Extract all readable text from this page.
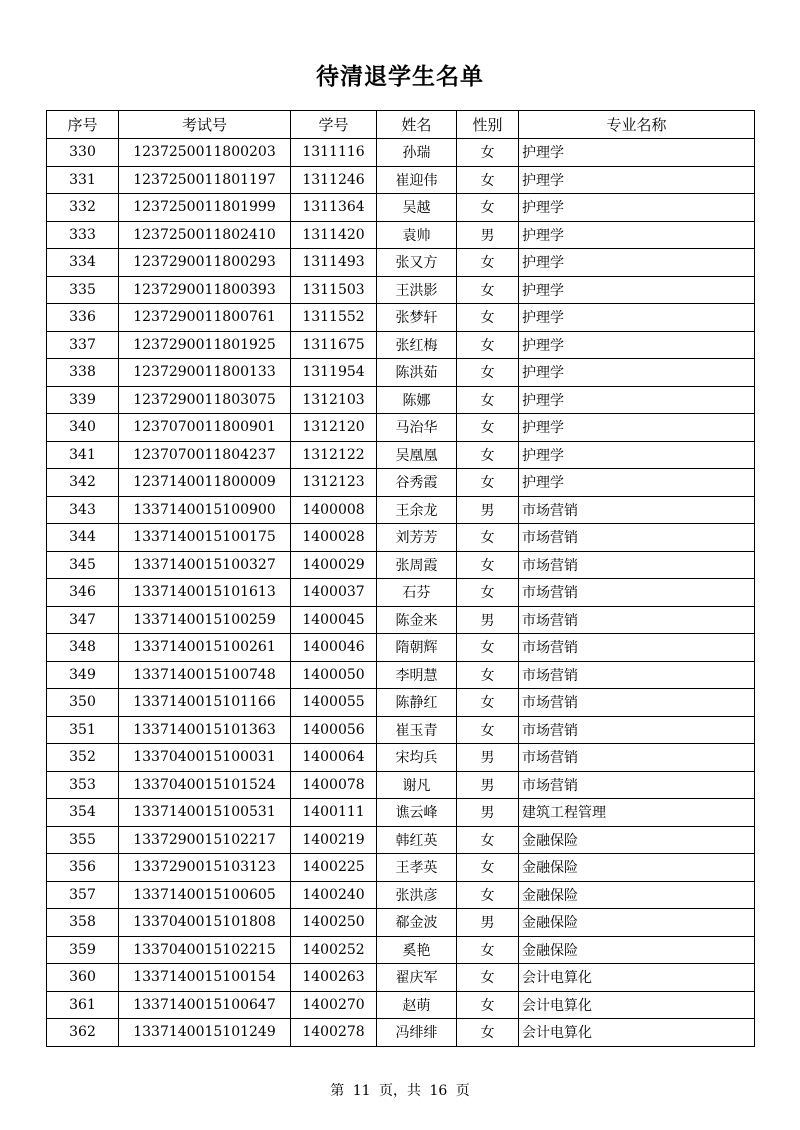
待清退学生名单
序号	考试号	学号	姓名	性别	专业名称
330	1237250011800203	1311116	孙瑞	女	护理学
331	1237250011801197	1311246	崔迎伟	女	护理学
332	1237250011801999	1311364	吴越	女	护理学
333	1237250011802410	1311420	袁帅	男	护理学
334	1237290011800293	1311493	张又方	女	护理学
335	1237290011800393	1311503	王洪影	女	护理学
336	1237290011800761	1311552	张梦轩	女	护理学
337	1237290011801925	1311675	张红梅	女	护理学
338	1237290011800133	1311954	陈洪茹	女	护理学
339	1237290011803075	1312103	陈娜	女	护理学
340	1237070011800901	1312120	马治华	女	护理学
341	1237070011804237	1312122	吴凰凰	女	护理学
342	1237140011800009	1312123	谷秀霞	女	护理学
343	1337140015100900	1400008	王余龙	男	市场营销
344	1337140015100175	1400028	刘芳芳	女	市场营销
345	1337140015100327	1400029	张周霞	女	市场营销
346	1337140015101613	1400037	石芬	女	市场营销
347	1337140015100259	1400045	陈金来	男	市场营销
348	1337140015100261	1400046	隋朝辉	女	市场营销
349	1337140015100748	1400050	李明慧	女	市场营销
350	1337140015101166	1400055	陈静红	女	市场营销
351	1337140015101363	1400056	崔玉青	女	市场营销
352	1337040015100031	1400064	宋均兵	男	市场营销
353	1337040015101524	1400078	谢凡	男	市场营销
354	1337140015100531	1400111	谯云峰	男	建筑工程管理
355	1337290015102217	1400219	韩红英	女	金融保险
356	1337290015103123	1400225	王孝英	女	金融保险
357	1337140015100605	1400240	张洪彦	女	金融保险
358	1337040015101808	1400250	郗金波	男	金融保险
359	1337040015102215	1400252	奚艳	女	金融保险
360	1337140015100154	1400263	翟庆军	女	会计电算化
361	1337140015100647	1400270	赵萌	女	会计电算化
362	1337140015101249	1400278	冯绯绯	女	会计电算化
第 11 页，共 16 页
